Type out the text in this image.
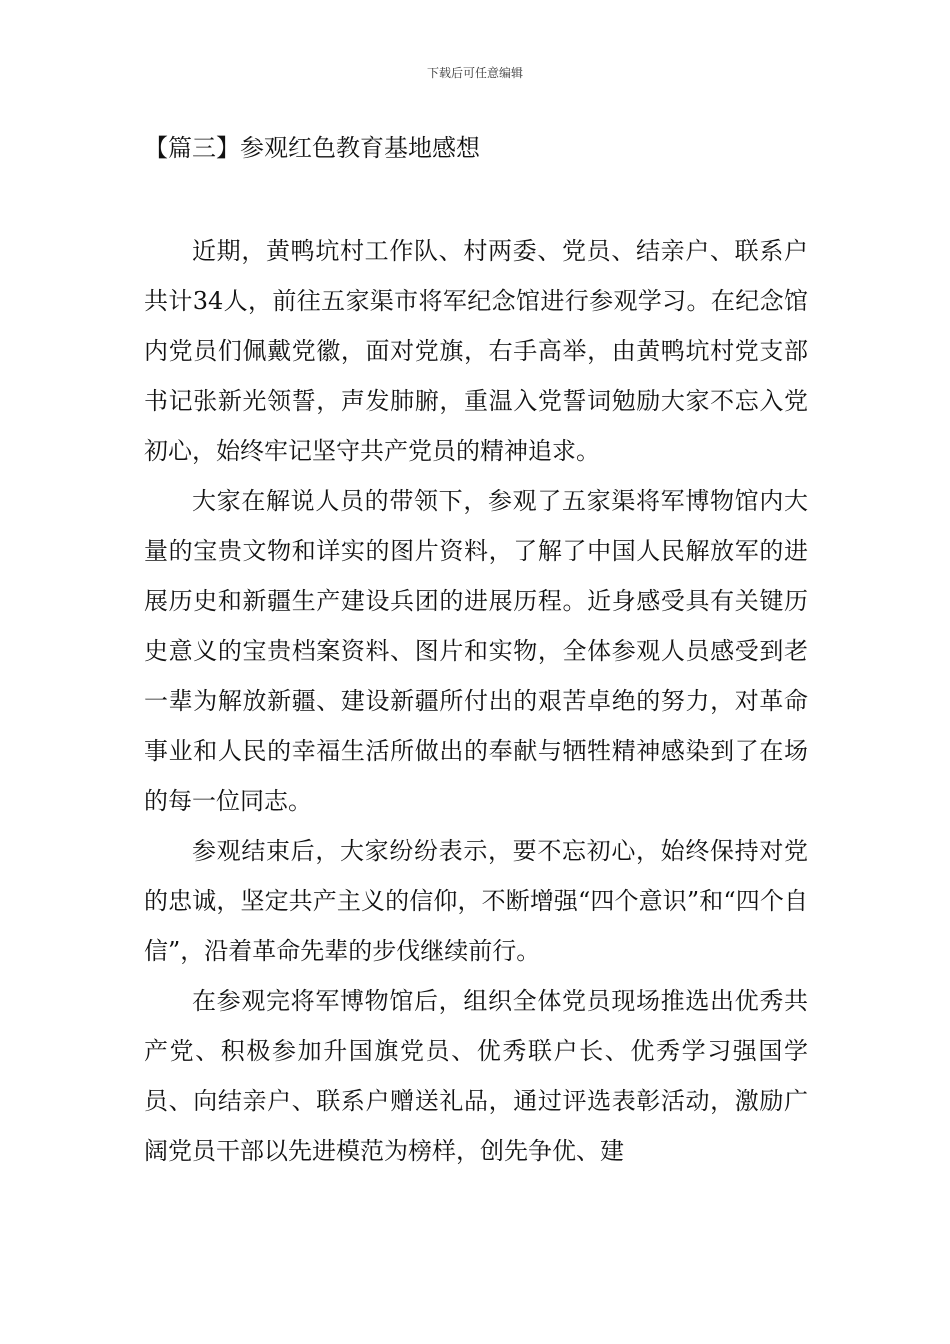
下载后可任意编辑
【篇三】参观红色教育基地感想

近期，黄鸭坑村工作队、村两委、党员、结亲户、联系户共计34人，前往五家渠市将军纪念馆进行参观学习。在纪念馆内党员们佩戴党徽，面对党旗，右手高举，由黄鸭坑村党支部书记张新光领誓，声发肺腑，重温入党誓词勉励大家不忘入党初心，始终牢记坚守共产党员的精神追求。

大家在解说人员的带领下，参观了五家渠将军博物馆内大量的宝贵文物和详实的图片资料，了解了中国人民解放军的进展历史和新疆生产建设兵团的进展历程。近身感受具有关键历史意义的宝贵档案资料、图片和实物，全体参观人员感受到老一辈为解放新疆、建设新疆所付出的艰苦卓绝的努力，对革命事业和人民的幸福生活所做出的奉献与牺牲精神感染到了在场的每一位同志。

参观结束后，大家纷纷表示，要不忘初心，始终保持对党的忠诚，坚定共产主义的信仰，不断增强“四个意识”和“四个自信”，沿着革命先辈的步伐继续前行。

在参观完将军博物馆后，组织全体党员现场推选出优秀共产党、积极参加升国旗党员、优秀联户长、优秀学习强国学员、向结亲户、联系户赠送礼品，通过评选表彰活动，激励广阔党员干部以先进模范为榜样，创先争优、建
